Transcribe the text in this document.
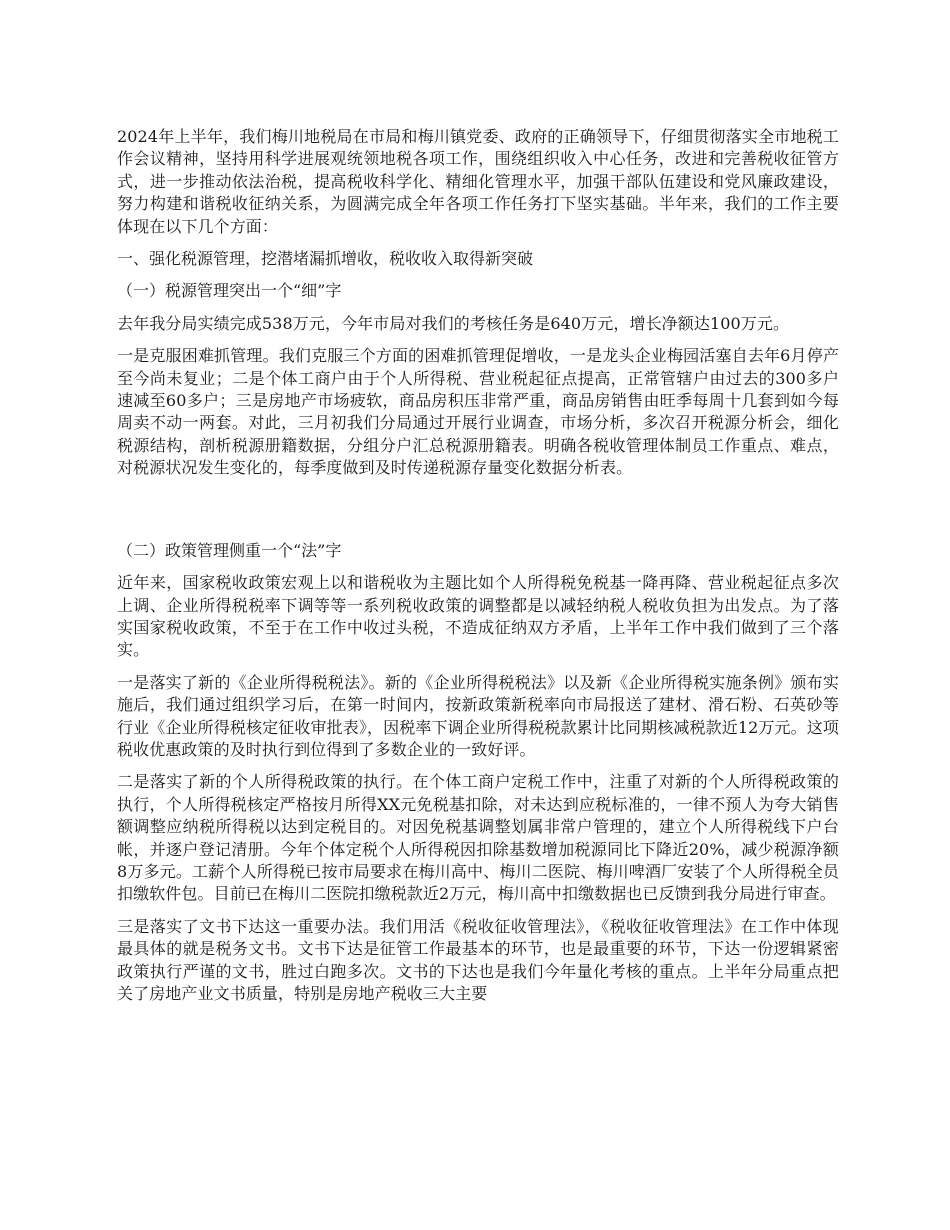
2024年上半年，我们梅川地税局在市局和梅川镇党委、政府的正确领导下，仔细贯彻落实全市地税工作会议精神，坚持用科学进展观统领地税各项工作，围绕组织收入中心任务，改进和完善税收征管方式，进一步推动依法治税，提高税收科学化、精细化管理水平，加强干部队伍建设和党风廉政建设，努力构建和谐税收征纳关系，为圆满完成全年各项工作任务打下坚实基础。半年来，我们的工作主要体现在以下几个方面：

一、强化税源管理，挖潜堵漏抓增收，税收收入取得新突破

（一）税源管理突出一个“细”字

去年我分局实绩完成538万元，今年市局对我们的考核任务是640万元，增长净额达100万元。

一是克服困难抓管理。我们克服三个方面的困难抓管理促增收，一是龙头企业梅园活塞自去年6月停产至今尚未复业；二是个体工商户由于个人所得税、营业税起征点提高，正常管辖户由过去的300多户速减至60多户；三是房地产市场疲软，商品房积压非常严重，商品房销售由旺季每周十几套到如今每周卖不动一两套。对此，三月初我们分局通过开展行业调查，市场分析，多次召开税源分析会，细化税源结构，剖析税源册籍数据，分组分户汇总税源册籍表。明确各税收管理体制员工作重点、难点，对税源状况发生变化的，每季度做到及时传递税源存量变化数据分析表。

（二）政策管理侧重一个“法”字

近年来，国家税收政策宏观上以和谐税收为主题比如个人所得税免税基一降再降、营业税起征点多次上调、企业所得税税率下调等等一系列税收政策的调整都是以减轻纳税人税收负担为出发点。为了落实国家税收政策，不至于在工作中收过头税，不造成征纳双方矛盾，上半年工作中我们做到了三个落实。

一是落实了新的《企业所得税税法》。新的《企业所得税税法》以及新《企业所得税实施条例》颁布实施后，我们通过组织学习后，在第一时间内，按新政策新税率向市局报送了建材、滑石粉、石英砂等行业《企业所得税核定征收审批表》，因税率下调企业所得税税款累计比同期核减税款近12万元。这项税收优惠政策的及时执行到位得到了多数企业的一致好评。

二是落实了新的个人所得税政策的执行。在个体工商户定税工作中，注重了对新的个人所得税政策的执行，个人所得税核定严格按月所得XX元免税基扣除，对未达到应税标准的，一律不预人为夸大销售额调整应纳税所得税以达到定税目的。对因免税基调整划属非常户管理的，建立个人所得税线下户台帐，并逐户登记清册。今年个体定税个人所得税因扣除基数增加税源同比下降近20%，减少税源净额8万多元。工薪个人所得税已按市局要求在梅川高中、梅川二医院、梅川啤酒厂安装了个人所得税全员扣缴软件包。目前已在梅川二医院扣缴税款近2万元，梅川高中扣缴数据也已反馈到我分局进行审查。

三是落实了文书下达这一重要办法。我们用活《税收征收管理法》，《税收征收管理法》在工作中体现最具体的就是税务文书。文书下达是征管工作最基本的环节，也是最重要的环节，下达一份逻辑紧密政策执行严谨的文书，胜过白跑多次。文书的下达也是我们今年量化考核的重点。上半年分局重点把关了房地产业文书质量，特别是房地产税收三大主要
